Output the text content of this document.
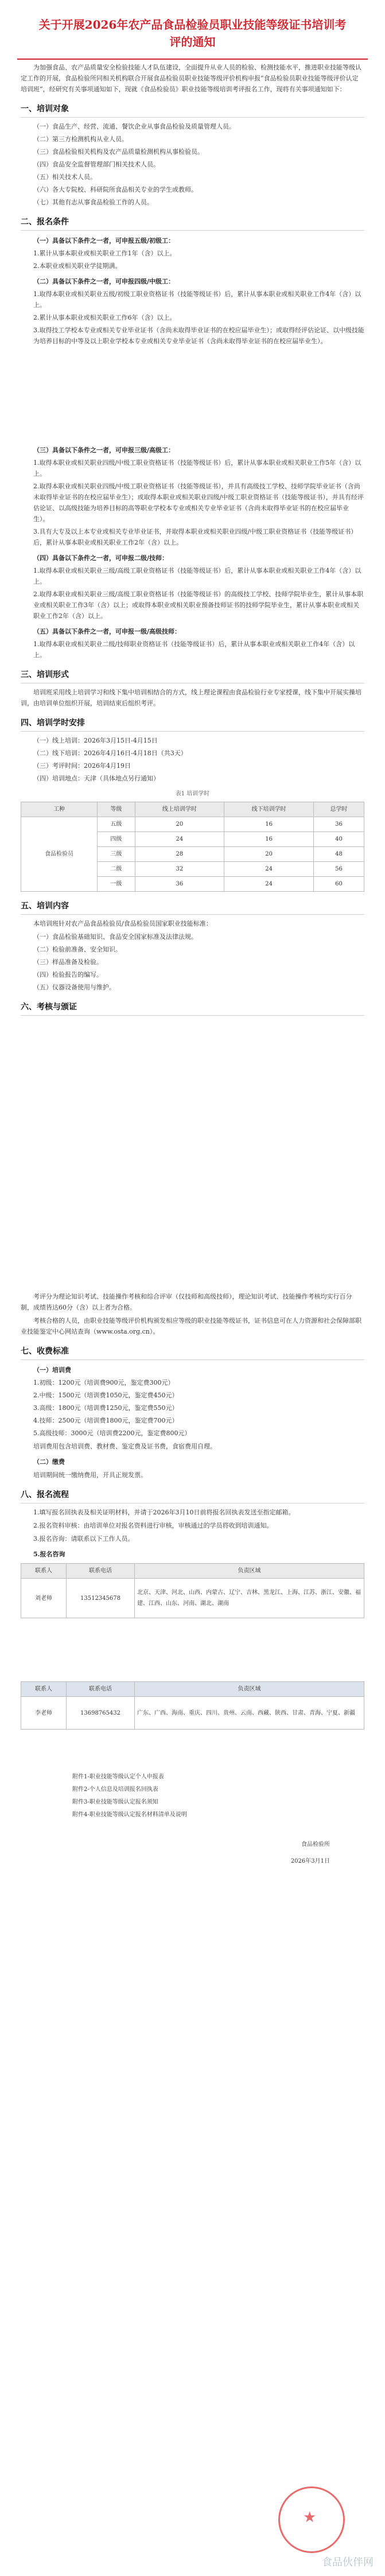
关于开展2026年农产品食品检验员职业技能等级证书培训考评的通知

为加强食品、农产品质量安全检验技能人才队伍建设，全面提升从业人员的检验、检测技能水平，推进职业技能等级认定工作的开展，食品检验所同相关机构联合开展食品检验员职业技能等级评价机构申报“食品检验员职业技能等级评价认定培训班”，经研究有关事项通知如下，现就《食品检验员》职业技能等级培训考评报名工作，现将有关事项通知如下：

一、培训对象

（一）食品生产、经营、流通、餐饮企业从事食品检验及质量管理人员。

（二）第三方检测机构从业人员。

（三）食品检验相关机构及农产品质量检测机构从事检验员。

（四）食品安全监督管理部门相关技术人员。

（五）相关技术人员。

（六）各大专院校、科研院所食品相关专业的学生或教师。

（七）其他有志从事食品检验工作的人员。

二、报名条件
（一）具备以下条件之一者，可申报五级/初级工：

1.累计从事本职业或相关职业工作1年（含）以上。

2.本职业或相关职业学徒期满。

（二）具备以下条件之一者，可申报四级/中级工：

1.取得本职业或相关职业五级/初级工职业资格证书（技能等级证书）后，累计从事本职业或相关职业工作4年（含）以上。

2.累计从事本职业或相关职业工作6年（含）以上。

3.取得技工学校本专业或相关专业毕业证书（含尚未取得毕业证书的在校应届毕业生）；或取得经评估论证、以中级技能为培养目标的中等及以上职业学校本专业或相关专业毕业证书（含尚未取得毕业证书的在校应届毕业生）。

（三）具备以下条件之一者，可申报三级/高级工：

1.取得本职业或相关职业四级/中级工职业资格证书（技能等级证书）后，累计从事本职业或相关职业工作5年（含）以上。

2.取得本职业或相关职业四级/中级工职业资格证书（技能等级证书），并具有高级技工学校、技师学院毕业证书（含尚未取得毕业证书的在校应届毕业生）；或取得本职业或相关职业四级/中级工职业资格证书（技能等级证书），并具有经评估论证、以高级技能为培养目标的高等职业学校本专业或相关专业毕业证书（含尚未取得毕业证书的在校应届毕业生）。

3.具有大专及以上本专业或相关专业毕业证书，并取得本职业或相关职业四级/中级工职业资格证书（技能等级证书）后，累计从事本职业或相关职业工作2年（含）以上。

（四）具备以下条件之一者，可申报二级/技师：

1.取得本职业或相关职业三级/高级工职业资格证书（技能等级证书）后，累计从事本职业或相关职业工作4年（含）以上。

2.取得本职业或相关职业三级/高级工职业资格证书（技能等级证书）的高级技工学校、技师学院毕业生，累计从事本职业或相关职业工作3年（含）以上；或取得本职业或相关职业预备技师证书的技师学院毕业生，累计从事本职业或相关职业工作2年（含）以上。

（五）具备以下条件之一者，可申报一级/高级技师：

1.取得本职业或相关职业二级/技师职业资格证书（技能等级证书）后，累计从事本职业或相关职业工作4年（含）以上。

三、培训形式

培训班采用线上培训学习和线下集中培训相结合的方式，线上理论课程由食品检验行业专家授课，线下集中开展实操培训，由培训单位组织开展，培训结束后组织考评。

四、培训学时安排

（一）线上培训：2026年3月15日-4月15日

（二）线下培训：2026年4月16日-4月18日（共3天）

（三）考评时间：2026年4月19日

（四）培训地点：天津（具体地点另行通知）

表1 培训学时
工种	等级	线上培训学时	线下培训学时	总学时
食品检验员	五级	20	16	36
	四级	24	16	40
	三级	28	20	48
	二级	32	24	56
	一级	36	24	60
五、培训内容

本培训班针对农产品食品检验员/食品检验员国家职业技能标准：

（一）食品检验基础知识、食品安全国家标准及法律法规。

（二）检验前准备、安全知识。

（三）样品准备及检验。

（四）检验报告的编写。

（五）仪器设备使用与维护。

六、考核与颁证

考评分为理论知识考试、技能操作考核和综合评审（仅技师和高级技师），理论知识考试、技能操作考核均实行百分制，成绩皆达60分（含）以上者为合格。

考核合格的人员，由职业技能等级评价机构颁发相应等级的职业技能等级证书，证书信息可在人力资源和社会保障部职业技能鉴定中心网站查询（www.osta.org.cn）。

七、收费标准
（一）培训费

1.初级：1200元（培训费900元，鉴定费300元）

2.中级：1500元（培训费1050元，鉴定费450元）

3.高级：1800元（培训费1250元，鉴定费550元）

4.技师：2500元（培训费1800元，鉴定费700元）

5.高级技师：3000元（培训费2200元，鉴定费800元）

培训费用包含培训费、教材费、鉴定费及证书费，食宿费用自理。

（二）缴费

培训期间统一缴纳费用，开具正规发票。

八、报名流程

1.填写报名回执表及相关证明材料，并请于2026年3月10日前将报名回执表发送至指定邮箱。

2.报名资料审核：由培训单位对报名资料进行审核，审核通过的学员将收到培训通知。

3.报名咨询：请联系以下工作人员。

5.报名咨询
联系人	联系电话	负责区域
刘老师	13512345678	北京、天津、河北、山西、内蒙古、辽宁、吉林、黑龙江、上海、江苏、浙江、安徽、福建、江西、山东、河南、湖北、湖南
联系人	联系电话	负责区域
李老师	13698765432	广东、广西、海南、重庆、四川、贵州、云南、西藏、陕西、甘肃、青海、宁夏、新疆

附件1-职业技能等级认定个人申报表

附件2-个人信息及培训报名回执表

附件3-职业技能等级认定报名须知

附件4-职业技能等级认定报名材料清单及说明

食品检验所

2026年3月1日

★
食品伙伴网
